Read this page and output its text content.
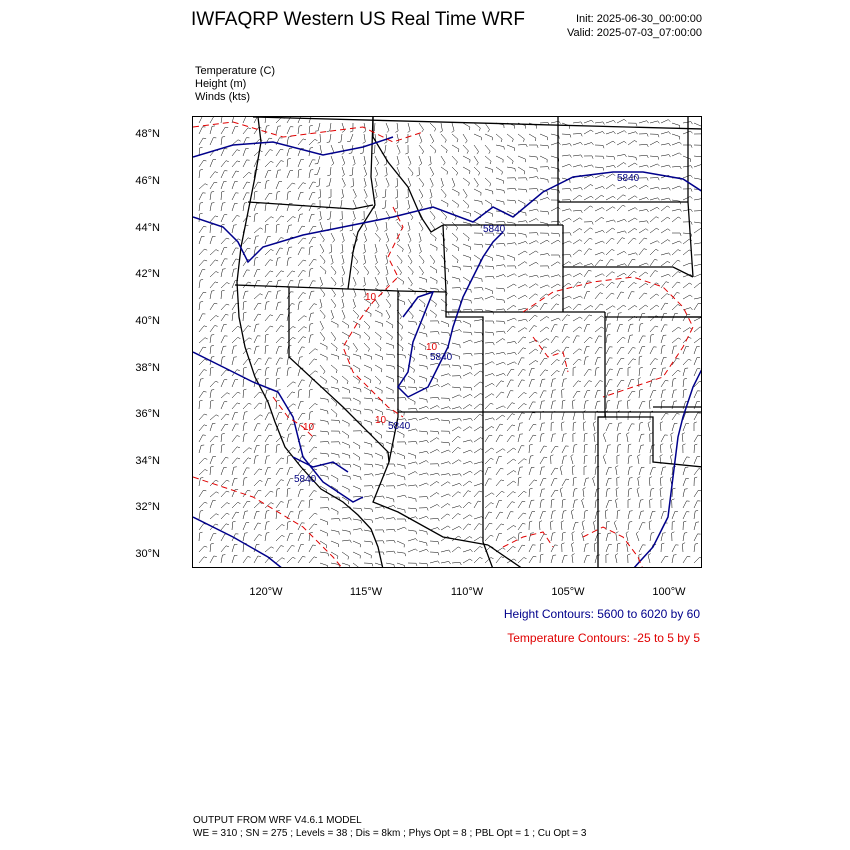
IWFAQRP Western US Real Time WRF	Init: 2025-06-30_00:00:00
Valid: 2025-07-03_07:00:00
Temperature (C)
Height (m)
Winds (kts)
48°N
46°N
44°N
42°N
40°N
38°N
36°N
34°N
32°N
30°N
120°W	115°W	110°W	105°W	100°W
5840
5840
5840
5840
5840
10
10
10
10
Height Contours: 5600 to 6020 by 60
Temperature Contours: -25 to 5 by 5
OUTPUT FROM WRF V4.6.1 MODEL
WE = 310 ; SN = 275 ; Levels = 38 ; Dis = 8km ; Phys Opt = 8 ; PBL Opt = 1 ; Cu Opt = 3
